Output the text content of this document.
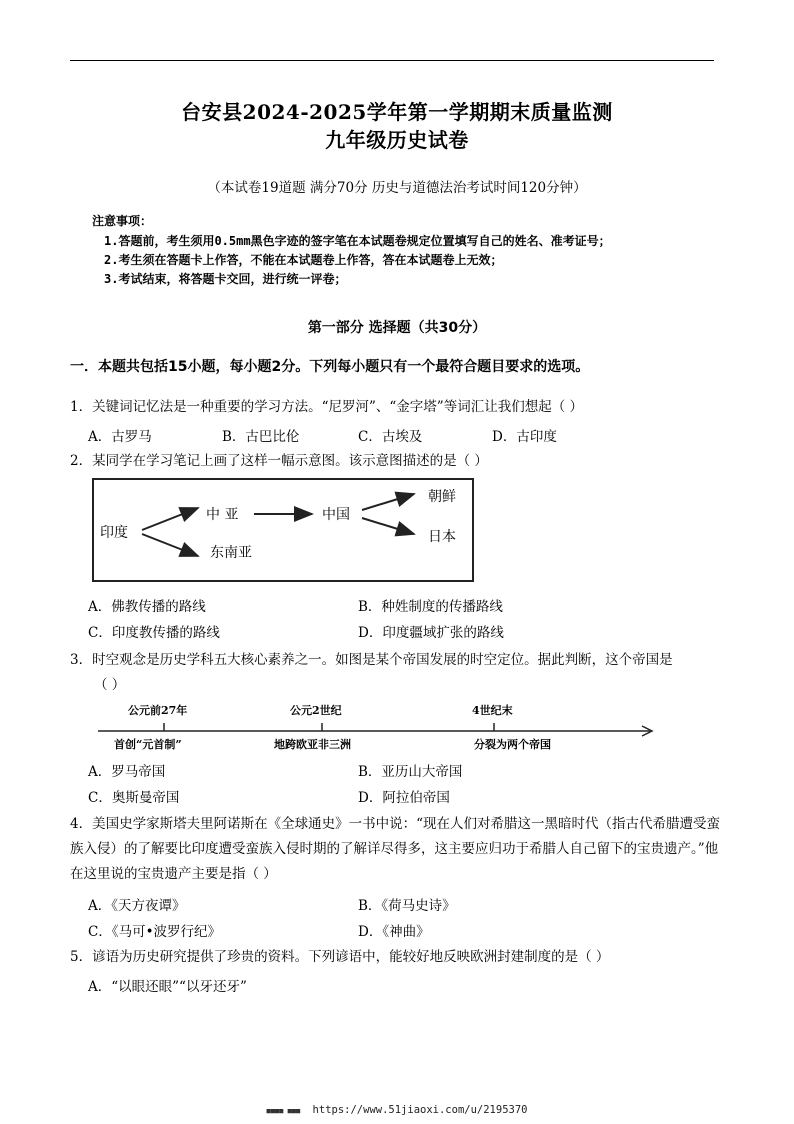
台安县2024-2025学年第一学期期末质量监测
九年级历史试卷
（本试卷19道题 满分70分 历史与道德法治考试时间120分钟）
注意事项：
1.答题前，考生须用0.5mm黑色字迹的签字笔在本试题卷规定位置填写自己的姓名、准考证号；
2.考生须在答题卡上作答，不能在本试题卷上作答，答在本试题卷上无效；
3.考试结束，将答题卡交回，进行统一评卷；
第一部分 选择题（共30分）
一．本题共包括15小题，每小题2分。下列每小题只有一个最符合题目要求的选项。
1．关键词记忆法是一种重要的学习方法。“尼罗河”、“金字塔”等词汇让我们想起（ ）
A．古罗马	B．古巴比伦	C．古埃及	D．古印度
2．某同学在学习笔记上画了这样一幅示意图。该示意图描述的是（ ）
印度
中 亚
东南亚
中国
朝鲜
日本
A．佛教传播的路线	B．种姓制度的传播路线
C．印度教传播的路线	D．印度疆域扩张的路线
3．时空观念是历史学科五大核心素养之一。如图是某个帝国发展的时空定位。据此判断，这个帝国是
（ ）
公元前27年	公元2世纪	4世纪末
首创“元首制”	地跨欧亚非三洲	分裂为两个帝国
A．罗马帝国	B．亚历山大帝国
C．奥斯曼帝国	D．阿拉伯帝国
4．美国史学家斯塔夫里阿诺斯在《全球通史》一书中说：“现在人们对希腊这一黑暗时代（指古代希腊遭受蛮族入侵）的了解要比印度遭受蛮族入侵时期的了解详尽得多，这主要应归功于希腊人自己留下的宝贵遗产。”他在这里说的宝贵遗产主要是指（ ）
A．《天方夜谭》	B．《荷马史诗》
C．《马可•波罗行纪》	D．《神曲》
5．谚语为历史研究提供了珍贵的资料。下列谚语中，能较好地反映欧洲封建制度的是（ ）
A．“以眼还眼”“以牙还牙”
■■■■ ■■■ https://www.51jiaoxi.com/u/2195370
